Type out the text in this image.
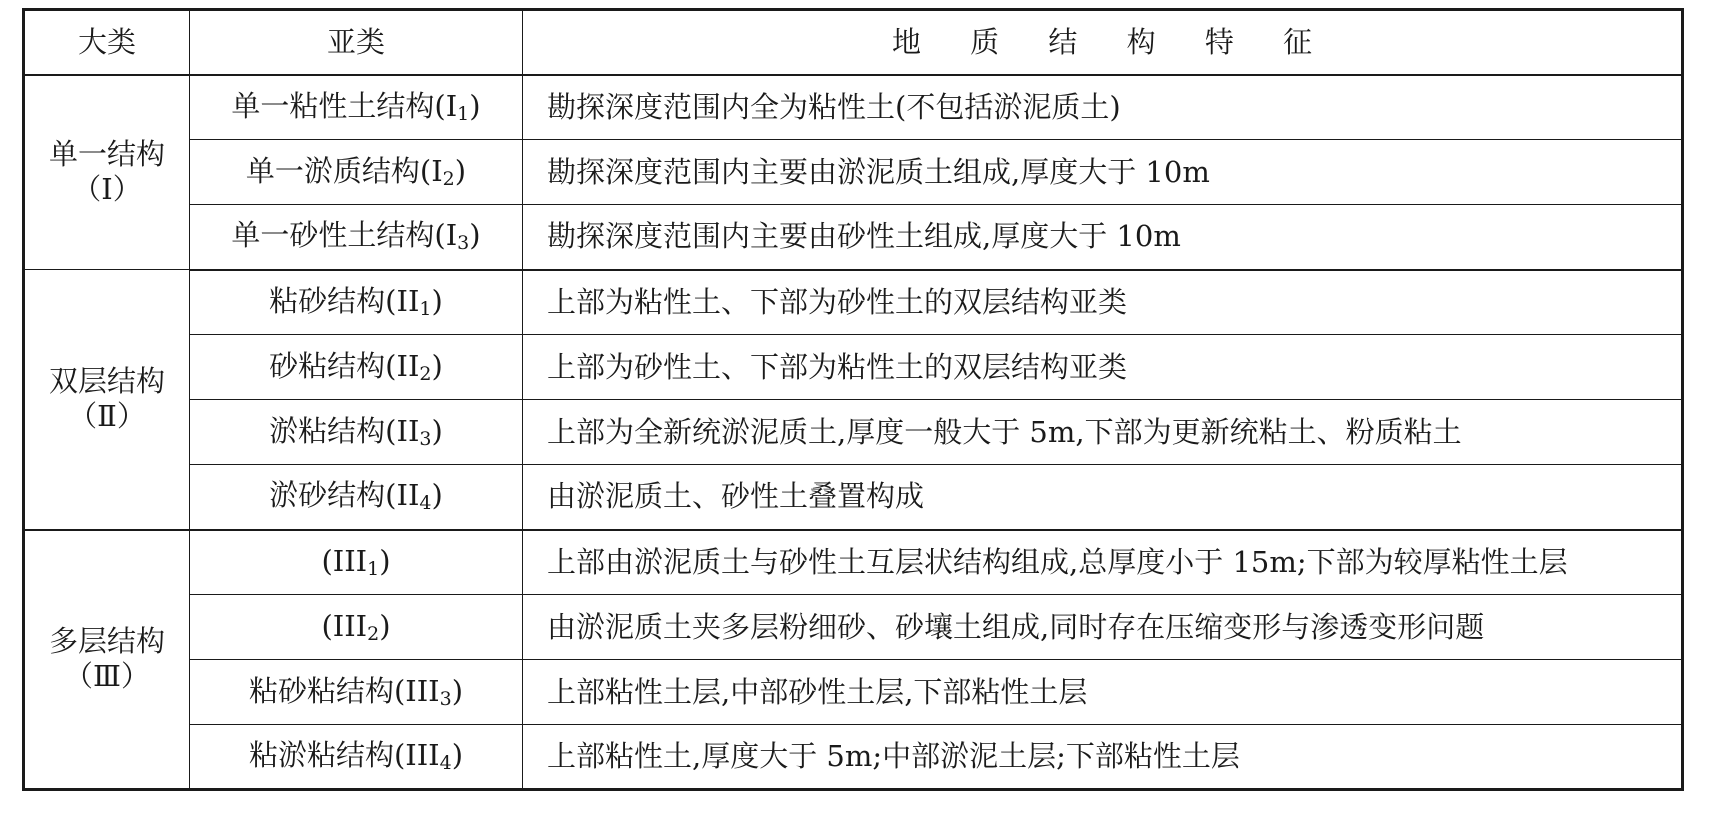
大类	亚类	地 质 结 构 特 征

单一结构
（Ⅰ）	单一粘性土结构$(I_1)$	勘探深度范围内全为粘性土(不包括淤泥质土)
	单一淤质结构$(I_2)$	勘探深度范围内主要由淤泥质土组成,厚度大于 10m
	单一砂性土结构$(I_3)$	勘探深度范围内主要由砂性土组成,厚度大于 10m

双层结构
（Ⅱ）	粘砂结构$(II_1)$	上部为粘性土、下部为砂性土的双层结构亚类
	砂粘结构$(II_2)$	上部为砂性土、下部为粘性土的双层结构亚类
	淤粘结构$(II_3)$	上部为全新统淤泥质土,厚度一般大于 5m,下部为更新统粘土、粉质粘土
	淤砂结构$(II_4)$	由淤泥质土、砂性土叠置构成

多层结构
（Ⅲ）	$(III_1)$	上部由淤泥质土与砂性土互层状结构组成,总厚度小于 15m;下部为较厚粘性土层
	$(III_2)$	由淤泥质土夹多层粉细砂、砂壤土组成,同时存在压缩变形与渗透变形问题
	粘砂粘结构$(III_3)$	上部粘性土层,中部砂性土层,下部粘性土层
	粘淤粘结构$(III_4)$	上部粘性土,厚度大于 5m;中部淤泥土层;下部粘性土层
